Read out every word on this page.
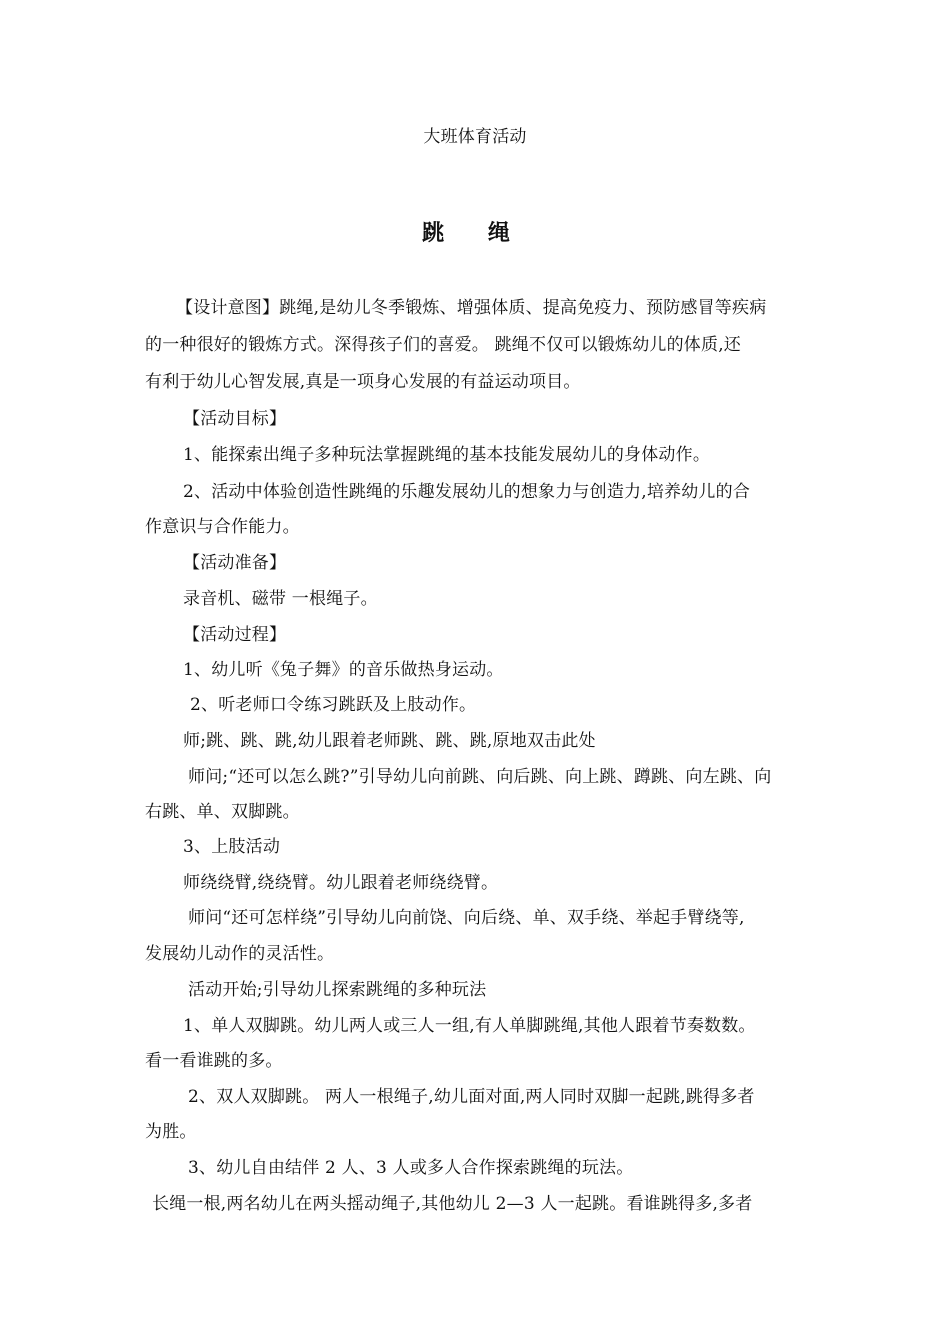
大班体育活动
跳 绳
【设计意图】跳绳,是幼儿冬季锻炼、增强体质、提高免疫力、预防感冒等疾病
的一种很好的锻炼方式。深得孩子们的喜爱。 跳绳不仅可以锻炼幼儿的体质,还
有利于幼儿心智发展,真是一项身心发展的有益运动项目。
【活动目标】
1、能探索出绳子多种玩法掌握跳绳的基本技能发展幼儿的身体动作。
2、活动中体验创造性跳绳的乐趣发展幼儿的想象力与创造力,培养幼儿的合
作意识与合作能力。
【活动准备】
录音机、磁带 一根绳子。
【活动过程】
1、幼儿听《兔子舞》的音乐做热身运动。
2、听老师口令练习跳跃及上肢动作。
师;跳、跳、跳,幼儿跟着老师跳、跳、跳,原地双击此处
师问;“还可以怎么跳?”引导幼儿向前跳、向后跳、向上跳、蹲跳、向左跳、向
右跳、单、双脚跳。
3、上肢活动
师绕绕臂,绕绕臂。幼儿跟着老师绕绕臂。
师问“还可怎样绕”引导幼儿向前饶、向后绕、单、双手绕、举起手臂绕等,
发展幼儿动作的灵活性。
活动开始;引导幼儿探索跳绳的多种玩法
1、单人双脚跳。幼儿两人或三人一组,有人单脚跳绳,其他人跟着节奏数数。
看一看谁跳的多。
2、双人双脚跳。 两人一根绳子,幼儿面对面,两人同时双脚一起跳,跳得多者
为胜。
3、幼儿自由结伴 2 人、3 人或多人合作探索跳绳的玩法。
长绳一根,两名幼儿在两头摇动绳子,其他幼儿 2—3 人一起跳。看谁跳得多,多者
